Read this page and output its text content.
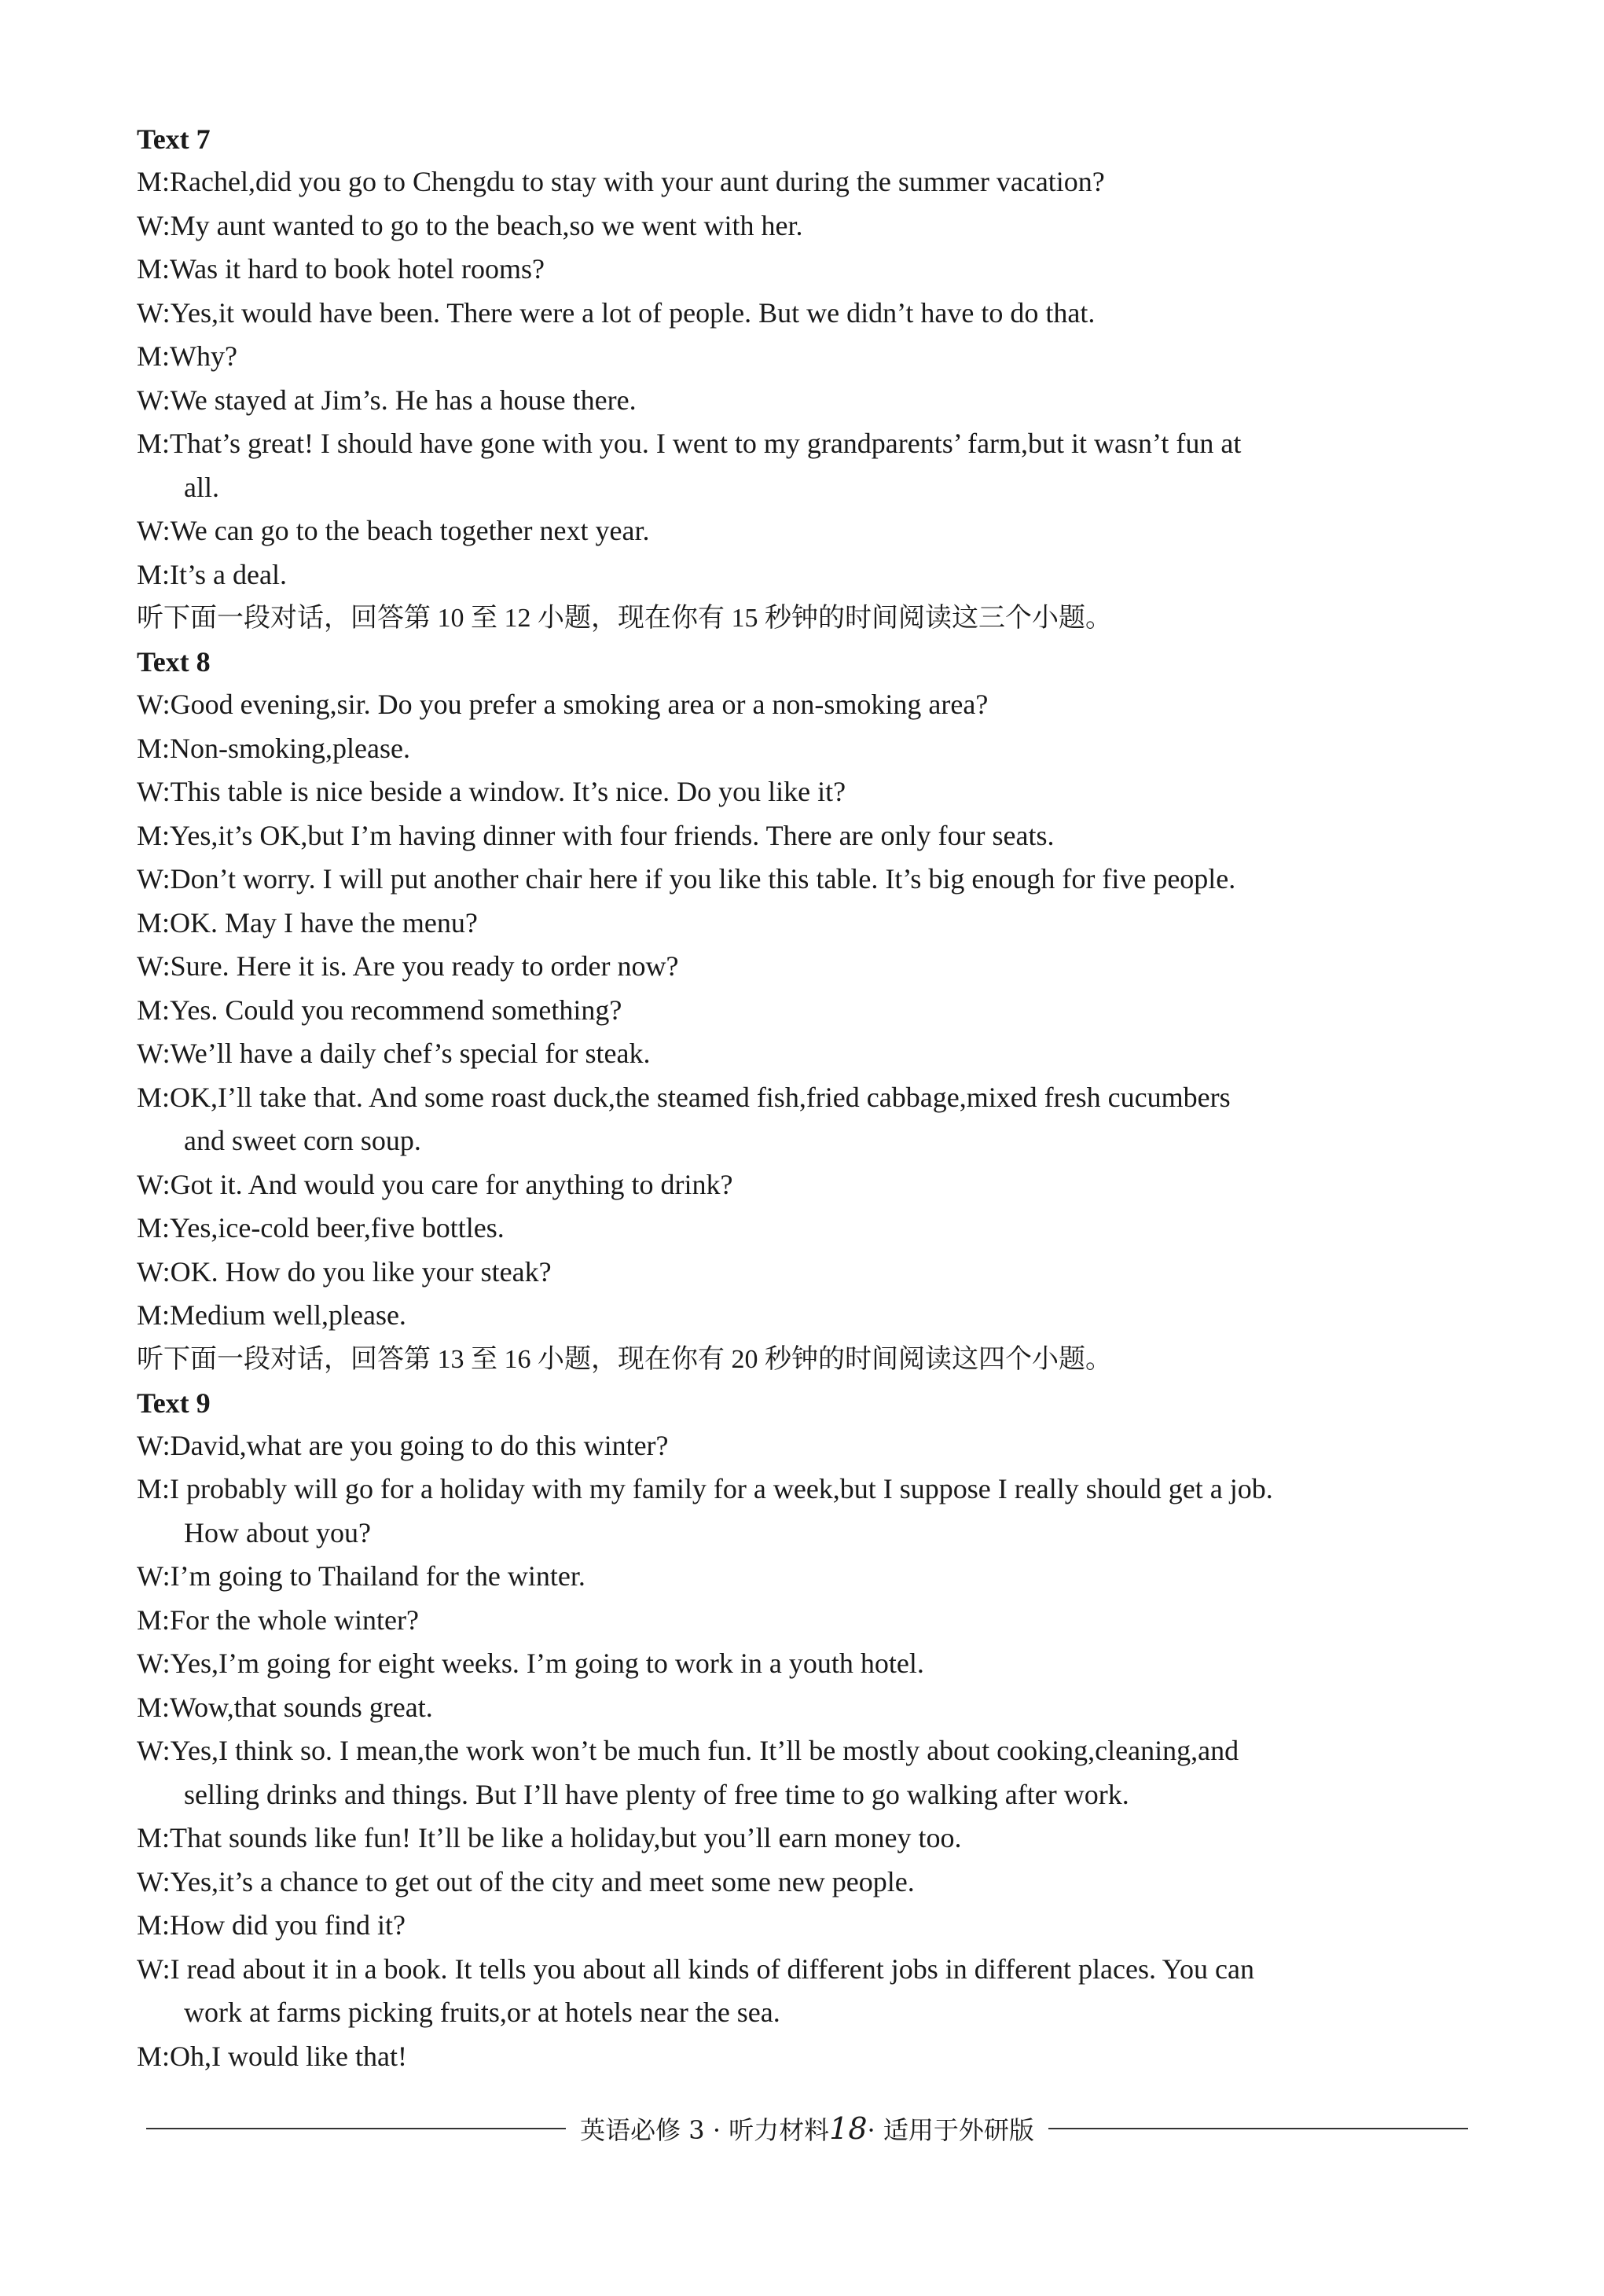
Text 7
M:Rachel,did you go to Chengdu to stay with your aunt during the summer vacation?
W:My aunt wanted to go to the beach,so we went with her.
M:Was it hard to book hotel rooms?
W:Yes,it would have been. There were a lot of people. But we didn’t have to do that.
M:Why?
W:We stayed at Jim’s. He has a house there.
M:That’s great! I should have gone with you. I went to my grandparents’ farm,but it wasn’t fun at
all.
W:We can go to the beach together next year.
M:It’s a deal.
听下面一段对话，回答第 10 至 12 小题，现在你有 15 秒钟的时间阅读这三个小题。
Text 8
W:Good evening,sir. Do you prefer a smoking area or a non-smoking area?
M:Non-smoking,please.
W:This table is nice beside a window. It’s nice. Do you like it?
M:Yes,it’s OK,but I’m having dinner with four friends. There are only four seats.
W:Don’t worry. I will put another chair here if you like this table. It’s big enough for five people.
M:OK. May I have the menu?
W:Sure. Here it is. Are you ready to order now?
M:Yes. Could you recommend something?
W:We’ll have a daily chef’s special for steak.
M:OK,I’ll take that. And some roast duck,the steamed fish,fried cabbage,mixed fresh cucumbers
and sweet corn soup.
W:Got it. And would you care for anything to drink?
M:Yes,ice-cold beer,five bottles.
W:OK. How do you like your steak?
M:Medium well,please.
听下面一段对话，回答第 13 至 16 小题，现在你有 20 秒钟的时间阅读这四个小题。
Text 9
W:David,what are you going to do this winter?
M:I probably will go for a holiday with my family for a week,but I suppose I really should get a job.
How about you?
W:I’m going to Thailand for the winter.
M:For the whole winter?
W:Yes,I’m going for eight weeks. I’m going to work in a youth hotel.
M:Wow,that sounds great.
W:Yes,I think so. I mean,the work won’t be much fun. It’ll be mostly about cooking,cleaning,and
selling drinks and things. But I’ll have plenty of free time to go walking after work.
M:That sounds like fun! It’ll be like a holiday,but you’ll earn money too.
W:Yes,it’s a chance to get out of the city and meet some new people.
M:How did you find it?
W:I read about it in a book. It tells you about all kinds of different jobs in different places. You can
work at farms picking fruits,or at hotels near the sea.
M:Oh,I would like that!
英语必修 3 · 听力材料18· 适用于外研版
